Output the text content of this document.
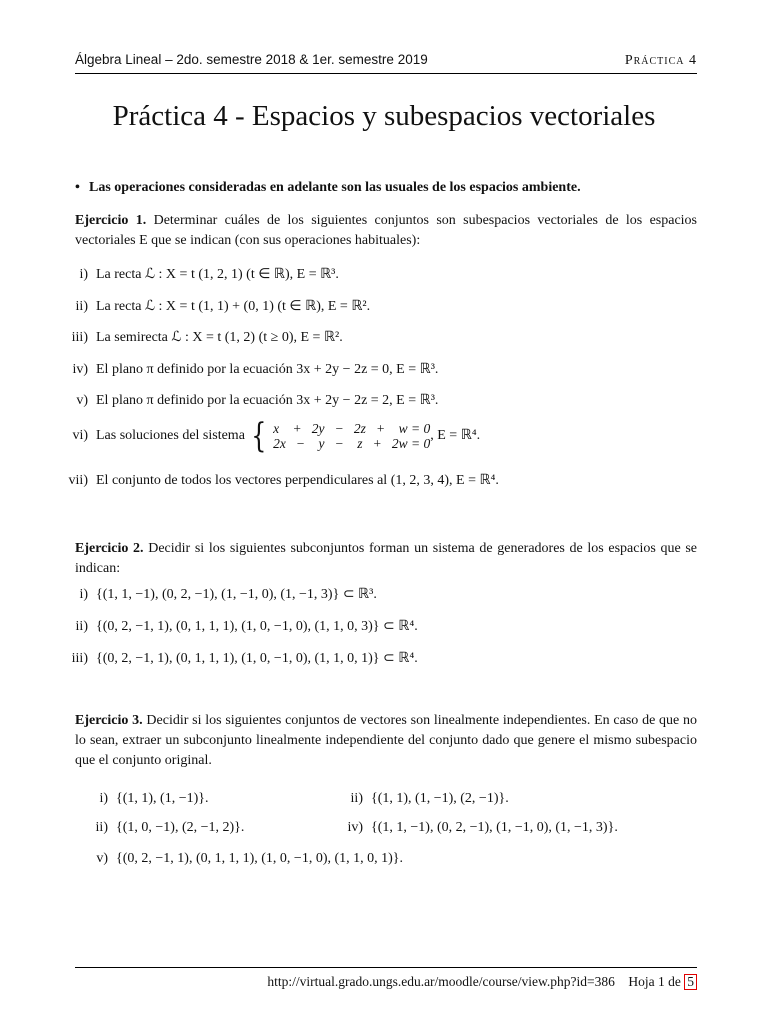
Álgebra Lineal – 2do. semestre 2018 & 1er. semestre 2019	Práctica 4
Práctica 4 - Espacios y subespacios vectoriales
• Las operaciones consideradas en adelante son las usuales de los espacios ambiente.
Ejercicio 1. Determinar cuáles de los siguientes conjuntos son subespacios vectoriales de los espacios vectoriales E que se indican (con sus operaciones habituales):
i) La recta ℒ : X = t (1, 2, 1) (t ∈ ℝ), E = ℝ³.
ii) La recta ℒ : X = t (1, 1) + (0, 1) (t ∈ ℝ), E = ℝ².
iii) La semirecta ℒ : X = t (1, 2) (t ≥ 0), E = ℝ².
iv) El plano π definido por la ecuación 3x + 2y − 2z = 0, E = ℝ³.
v) El plano π definido por la ecuación 3x + 2y − 2z = 2, E = ℝ³.
vi) Las soluciones del sistema { x    +   2y   −   2z   +    w = 0
2x   −    y   −    z   +   2w = 0
, E = ℝ⁴.
vii) El conjunto de todos los vectores perpendiculares al (1, 2, 3, 4), E = ℝ⁴.
Ejercicio 2. Decidir si los siguientes subconjuntos forman un sistema de generadores de los espacios que se indican:
i) {(1, 1, −1), (0, 2, −1), (1, −1, 0), (1, −1, 3)} ⊂ ℝ³.
ii) {(0, 2, −1, 1), (0, 1, 1, 1), (1, 0, −1, 0), (1, 1, 0, 3)} ⊂ ℝ⁴.
iii) {(0, 2, −1, 1), (0, 1, 1, 1), (1, 0, −1, 0), (1, 1, 0, 1)} ⊂ ℝ⁴.
Ejercicio 3. Decidir si los siguientes conjuntos de vectores son linealmente independientes. En caso de que no lo sean, extraer un subconjunto linealmente independiente del conjunto dado que genere el mismo subespacio que el conjunto original.
i) {(1, 1), (1, −1)}.	ii) {(1, 1), (1, −1), (2, −1)}.
ii) {(1, 0, −1), (2, −1, 2)}.	iv) {(1, 1, −1), (0, 2, −1), (1, −1, 0), (1, −1, 3)}.
v) {(0, 2, −1, 1), (0, 1, 1, 1), (1, 0, −1, 0), (1, 1, 0, 1)}.
http://virtual.grado.ungs.edu.ar/moodle/course/view.php?id=386 Hoja 1 de 5
